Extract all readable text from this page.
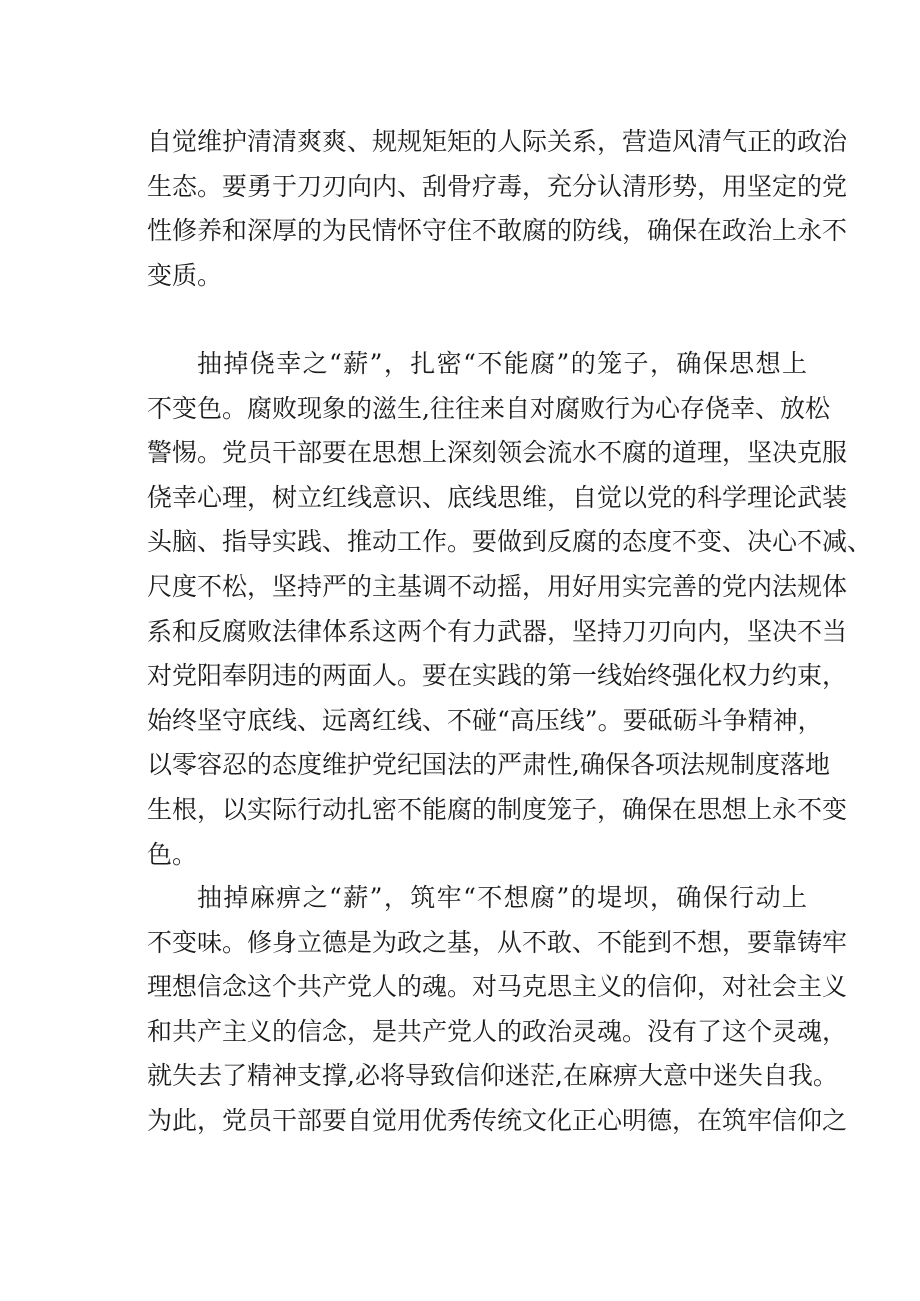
自觉维护清清爽爽、规规矩矩的人际关系，营造风清气正的政治
生态。要勇于刀刃向内、刮骨疗毒，充分认清形势，用坚定的党
性修养和深厚的为民情怀守住不敢腐的防线，确保在政治上永不
变质。
抽掉侥幸之“薪”，扎密“不能腐”的笼子，确保思想上
不变色。腐败现象的滋生,往往来自对腐败行为心存侥幸、放松
警惕。党员干部要在思想上深刻领会流水不腐的道理，坚决克服
侥幸心理，树立红线意识、底线思维，自觉以党的科学理论武装
头脑、指导实践、推动工作。要做到反腐的态度不变、决心不减、
尺度不松，坚持严的主基调不动摇，用好用实完善的党内法规体
系和反腐败法律体系这两个有力武器，坚持刀刃向内，坚决不当
对党阳奉阴违的两面人。要在实践的第一线始终强化权力约束，
始终坚守底线、远离红线、不碰“高压线”。要砥砺斗争精神，
以零容忍的态度维护党纪国法的严肃性,确保各项法规制度落地
生根，以实际行动扎密不能腐的制度笼子，确保在思想上永不变
色。
抽掉麻痹之“薪”，筑牢“不想腐”的堤坝，确保行动上
不变味。修身立德是为政之基，从不敢、不能到不想，要靠铸牢
理想信念这个共产党人的魂。对马克思主义的信仰，对社会主义
和共产主义的信念，是共产党人的政治灵魂。没有了这个灵魂，
就失去了精神支撑,必将导致信仰迷茫,在麻痹大意中迷失自我。
为此，党员干部要自觉用优秀传统文化正心明德，在筑牢信仰之
